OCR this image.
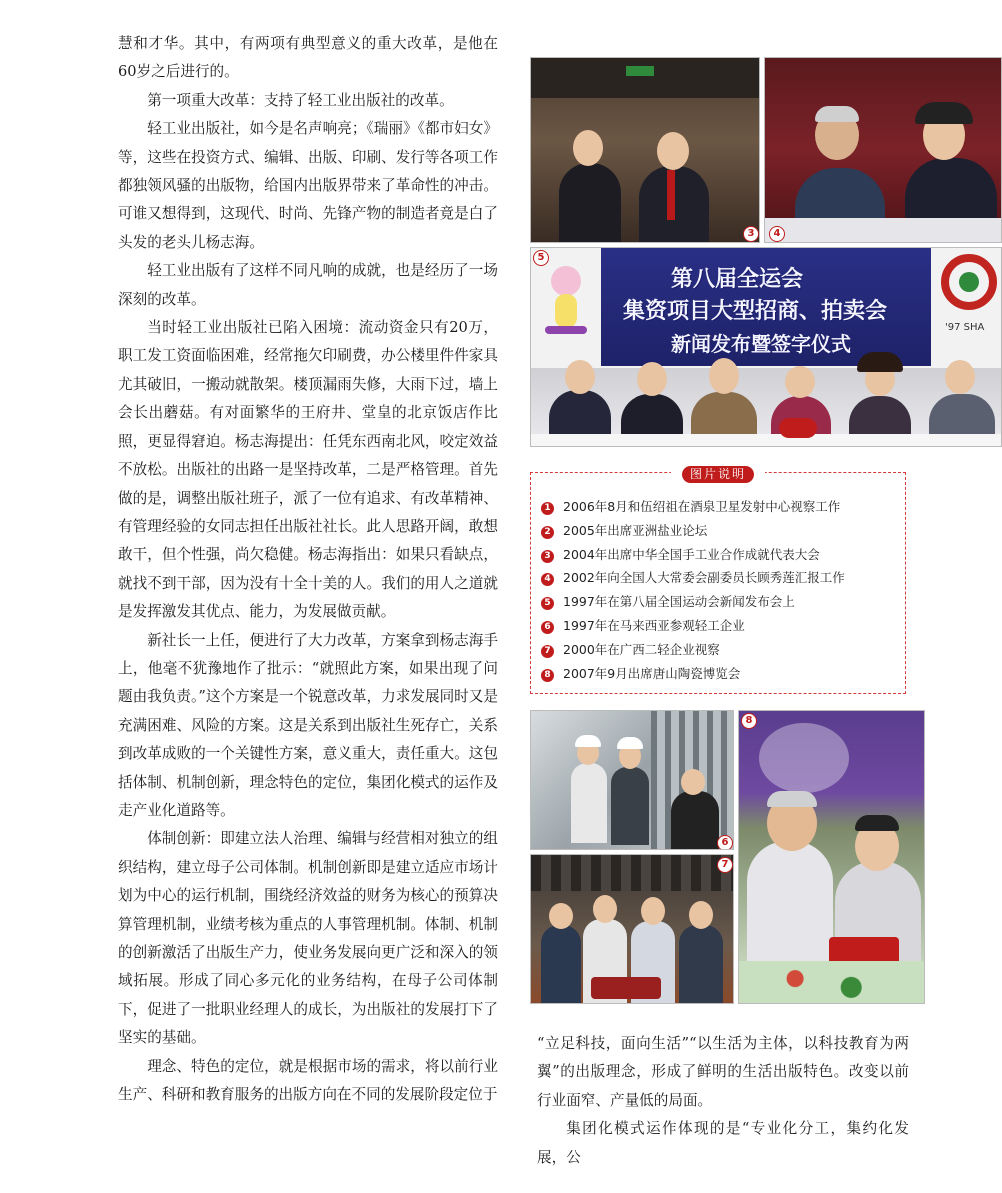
慧和才华。其中，有两项有典型意义的重大改革，是他在60岁之后进行的。

第一项重大改革：支持了轻工业出版社的改革。

轻工业出版社，如今是名声响亮；《瑞丽》《都市妇女》等，这些在投资方式、编辑、出版、印刷、发行等各项工作都独领风骚的出版物，给国内出版界带来了革命性的冲击。可谁又想得到，这现代、时尚、先锋产物的制造者竟是白了头发的老头儿杨志海。

轻工业出版有了这样不同凡响的成就，也是经历了一场深刻的改革。

当时轻工业出版社已陷入困境：流动资金只有20万，职工发工资面临困难，经常拖欠印刷费，办公楼里件件家具尤其破旧，一搬动就散架。楼顶漏雨失修，大雨下过，墙上会长出蘑菇。有对面繁华的王府井、堂皇的北京饭店作比照，更显得窘迫。杨志海提出：任凭东西南北风，咬定效益不放松。出版社的出路一是坚持改革，二是严格管理。首先做的是，调整出版社班子，派了一位有追求、有改革精神、有管理经验的女同志担任出版社社长。此人思路开阔，敢想敢干，但个性强，尚欠稳健。杨志海指出：如果只看缺点，就找不到干部，因为没有十全十美的人。我们的用人之道就是发挥激发其优点、能力，为发展做贡献。

新社长一上任，便进行了大力改革，方案拿到杨志海手上，他毫不犹豫地作了批示：“就照此方案，如果出现了问题由我负责。”这个方案是一个锐意改革，力求发展同时又是充满困难、风险的方案。这是关系到出版社生死存亡，关系到改革成败的一个关键性方案，意义重大，责任重大。这包括体制、机制创新，理念特色的定位，集团化模式的运作及走产业化道路等。

体制创新：即建立法人治理、编辑与经营相对独立的组织结构，建立母子公司体制。机制创新即是建立适应市场计划为中心的运行机制，围绕经济效益的财务为核心的预算决算管理机制，业绩考核为重点的人事管理机制。体制、机制的创新激活了出版生产力，使业务发展向更广泛和深入的领域拓展。形成了同心多元化的业务结构，在母子公司体制下，促进了一批职业经理人的成长，为出版社的发展打下了坚实的基础。

理念、特色的定位，就是根据市场的需求，将以前行业生产、科研和教育服务的出版方向在不同的发展阶段定位于

3	4
第八届全运会
集资项目大型招商、拍卖会
新闻发布暨签字仪式
'97 SHA
5
图片说明
1 2006年8月和伍绍祖在酒泉卫星发射中心视察工作
2 2005年出席亚洲盐业论坛
3 2004年出席中华全国手工业合作成就代表大会
4 2002年向全国人大常委会副委员长顾秀莲汇报工作
5 1997年在第八届全国运动会新闻发布会上
6 1997年在马来西亚参观轻工企业
7 2000年在广西二轻企业视察
8 2007年9月出席唐山陶瓷博览会
6
7
8

“立足科技，面向生活”“以生活为主体，以科技教育为两翼”的出版理念，形成了鲜明的生活出版特色。改变以前行业面窄、产量低的局面。

集团化模式运作体现的是“专业化分工，集约化发展，公
